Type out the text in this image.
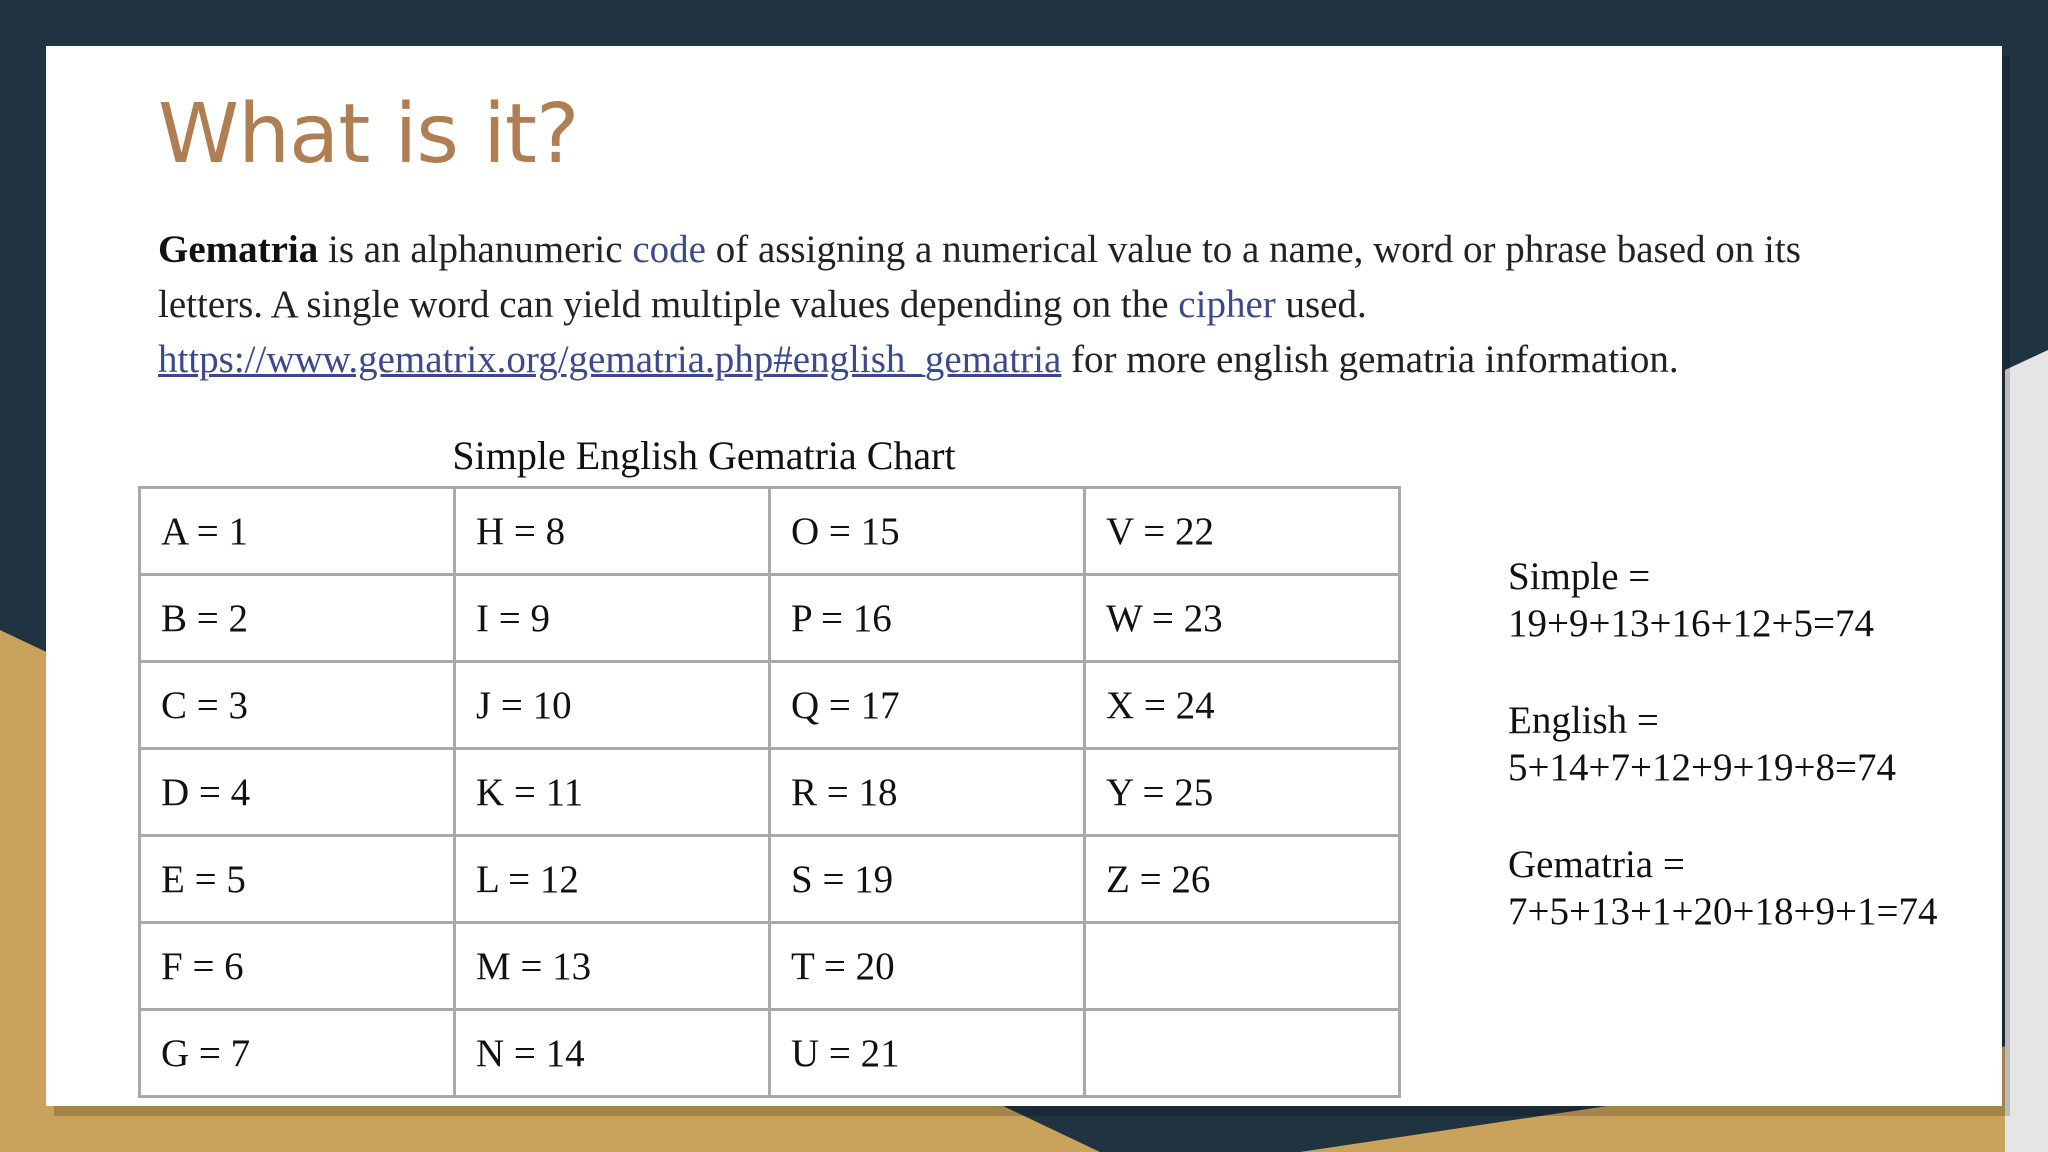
What is it?

Gematria is an alphanumeric code of assigning a numerical value to a name, word or phrase based on its letters. A single word can yield multiple values depending on the cipher used.
https://www.gematrix.org/gematria.php#english_gematria for more english gematria information.

Simple English Gematria Chart
A = 1	H = 8	O = 15	V = 22
B = 2	I = 9	P = 16	W = 23
C = 3	J = 10	Q = 17	X = 24
D = 4	K = 11	R = 18	Y = 25
E = 5	L = 12	S = 19	Z = 26
F = 6	M = 13	T = 20	
G = 7	N = 14	U = 21	
Simple =
19+9+13+16+12+5=74
English =
5+14+7+12+9+19+8=74
Gematria =
7+5+13+1+20+18+9+1=74
